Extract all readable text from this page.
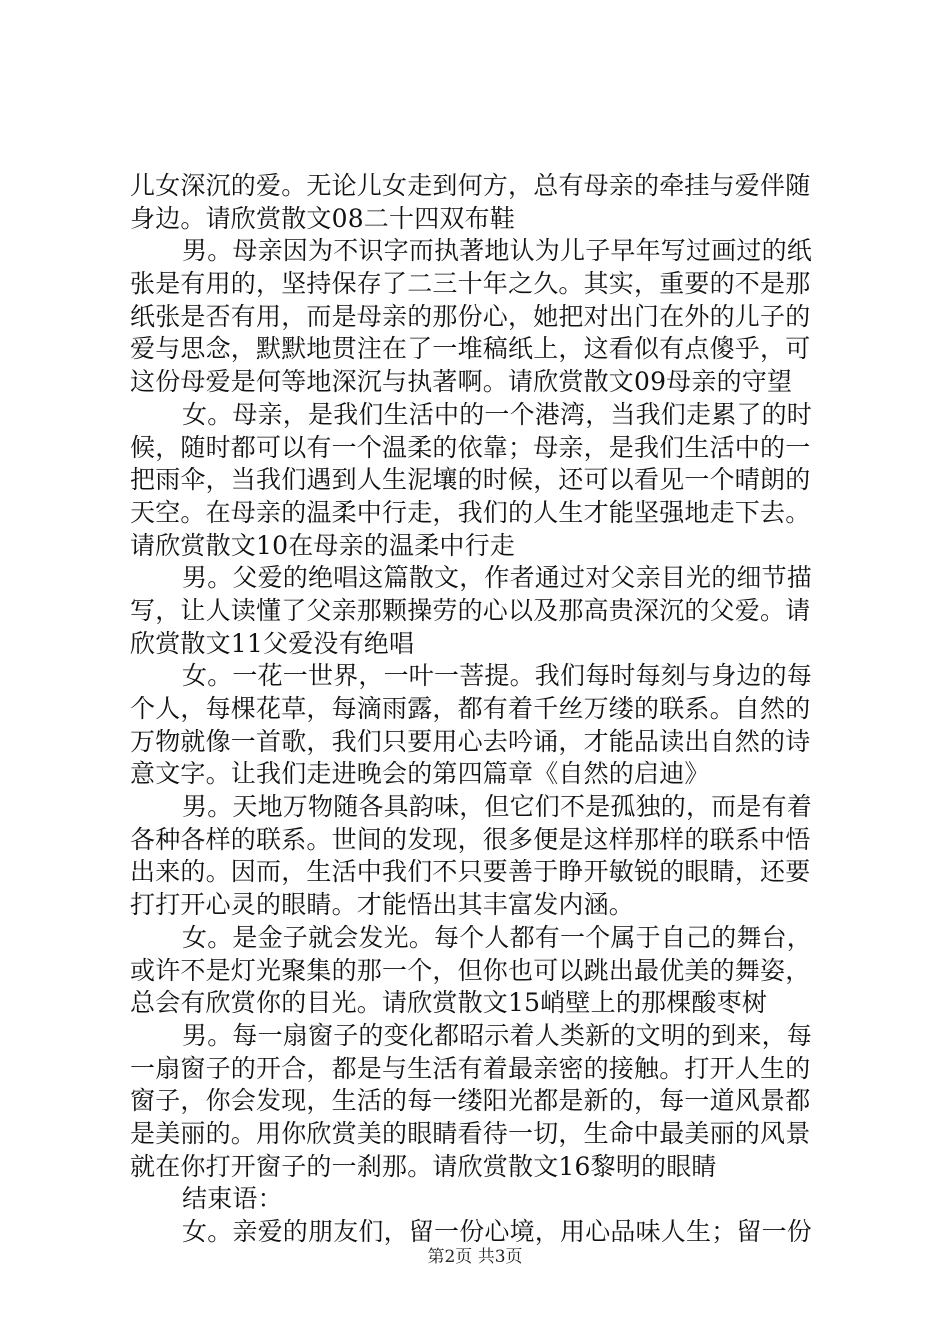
儿女深沉的爱。无论儿女走到何方，总有母亲的牵挂与爱伴随
身边。请欣赏散文08二十四双布鞋
男。母亲因为不识字而执著地认为儿子早年写过画过的纸
张是有用的，坚持保存了二三十年之久。其实，重要的不是那
纸张是否有用，而是母亲的那份心，她把对出门在外的儿子的
爱与思念，默默地贯注在了一堆稿纸上，这看似有点傻乎，可
这份母爱是何等地深沉与执著啊。请欣赏散文09母亲的守望
女。母亲，是我们生活中的一个港湾，当我们走累了的时
候，随时都可以有一个温柔的依靠；母亲，是我们生活中的一
把雨伞，当我们遇到人生泥壤的时候，还可以看见一个晴朗的
天空。在母亲的温柔中行走，我们的人生才能坚强地走下去。
请欣赏散文10在母亲的温柔中行走
男。父爱的绝唱这篇散文，作者通过对父亲目光的细节描
写，让人读懂了父亲那颗操劳的心以及那高贵深沉的父爱。请
欣赏散文11父爱没有绝唱
女。一花一世界，一叶一菩提。我们每时每刻与身边的每
个人，每棵花草，每滴雨露，都有着千丝万缕的联系。自然的
万物就像一首歌，我们只要用心去吟诵，才能品读出自然的诗
意文字。让我们走进晚会的第四篇章《自然的启迪》
男。天地万物随各具韵味，但它们不是孤独的，而是有着
各种各样的联系。世间的发现，很多便是这样那样的联系中悟
出来的。因而，生活中我们不只要善于睁开敏锐的眼睛，还要
打打开心灵的眼睛。才能悟出其丰富发内涵。
女。是金子就会发光。每个人都有一个属于自己的舞台，
或许不是灯光聚集的那一个，但你也可以跳出最优美的舞姿，
总会有欣赏你的目光。请欣赏散文15峭壁上的那棵酸枣树
男。每一扇窗子的变化都昭示着人类新的文明的到来，每
一扇窗子的开合，都是与生活有着最亲密的接触。打开人生的
窗子，你会发现，生活的每一缕阳光都是新的，每一道风景都
是美丽的。用你欣赏美的眼睛看待一切，生命中最美丽的风景
就在你打开窗子的一刹那。请欣赏散文16黎明的眼睛
结束语：
女。亲爱的朋友们，留一份心境，用心品味人生；留一份
第2页 共3页
